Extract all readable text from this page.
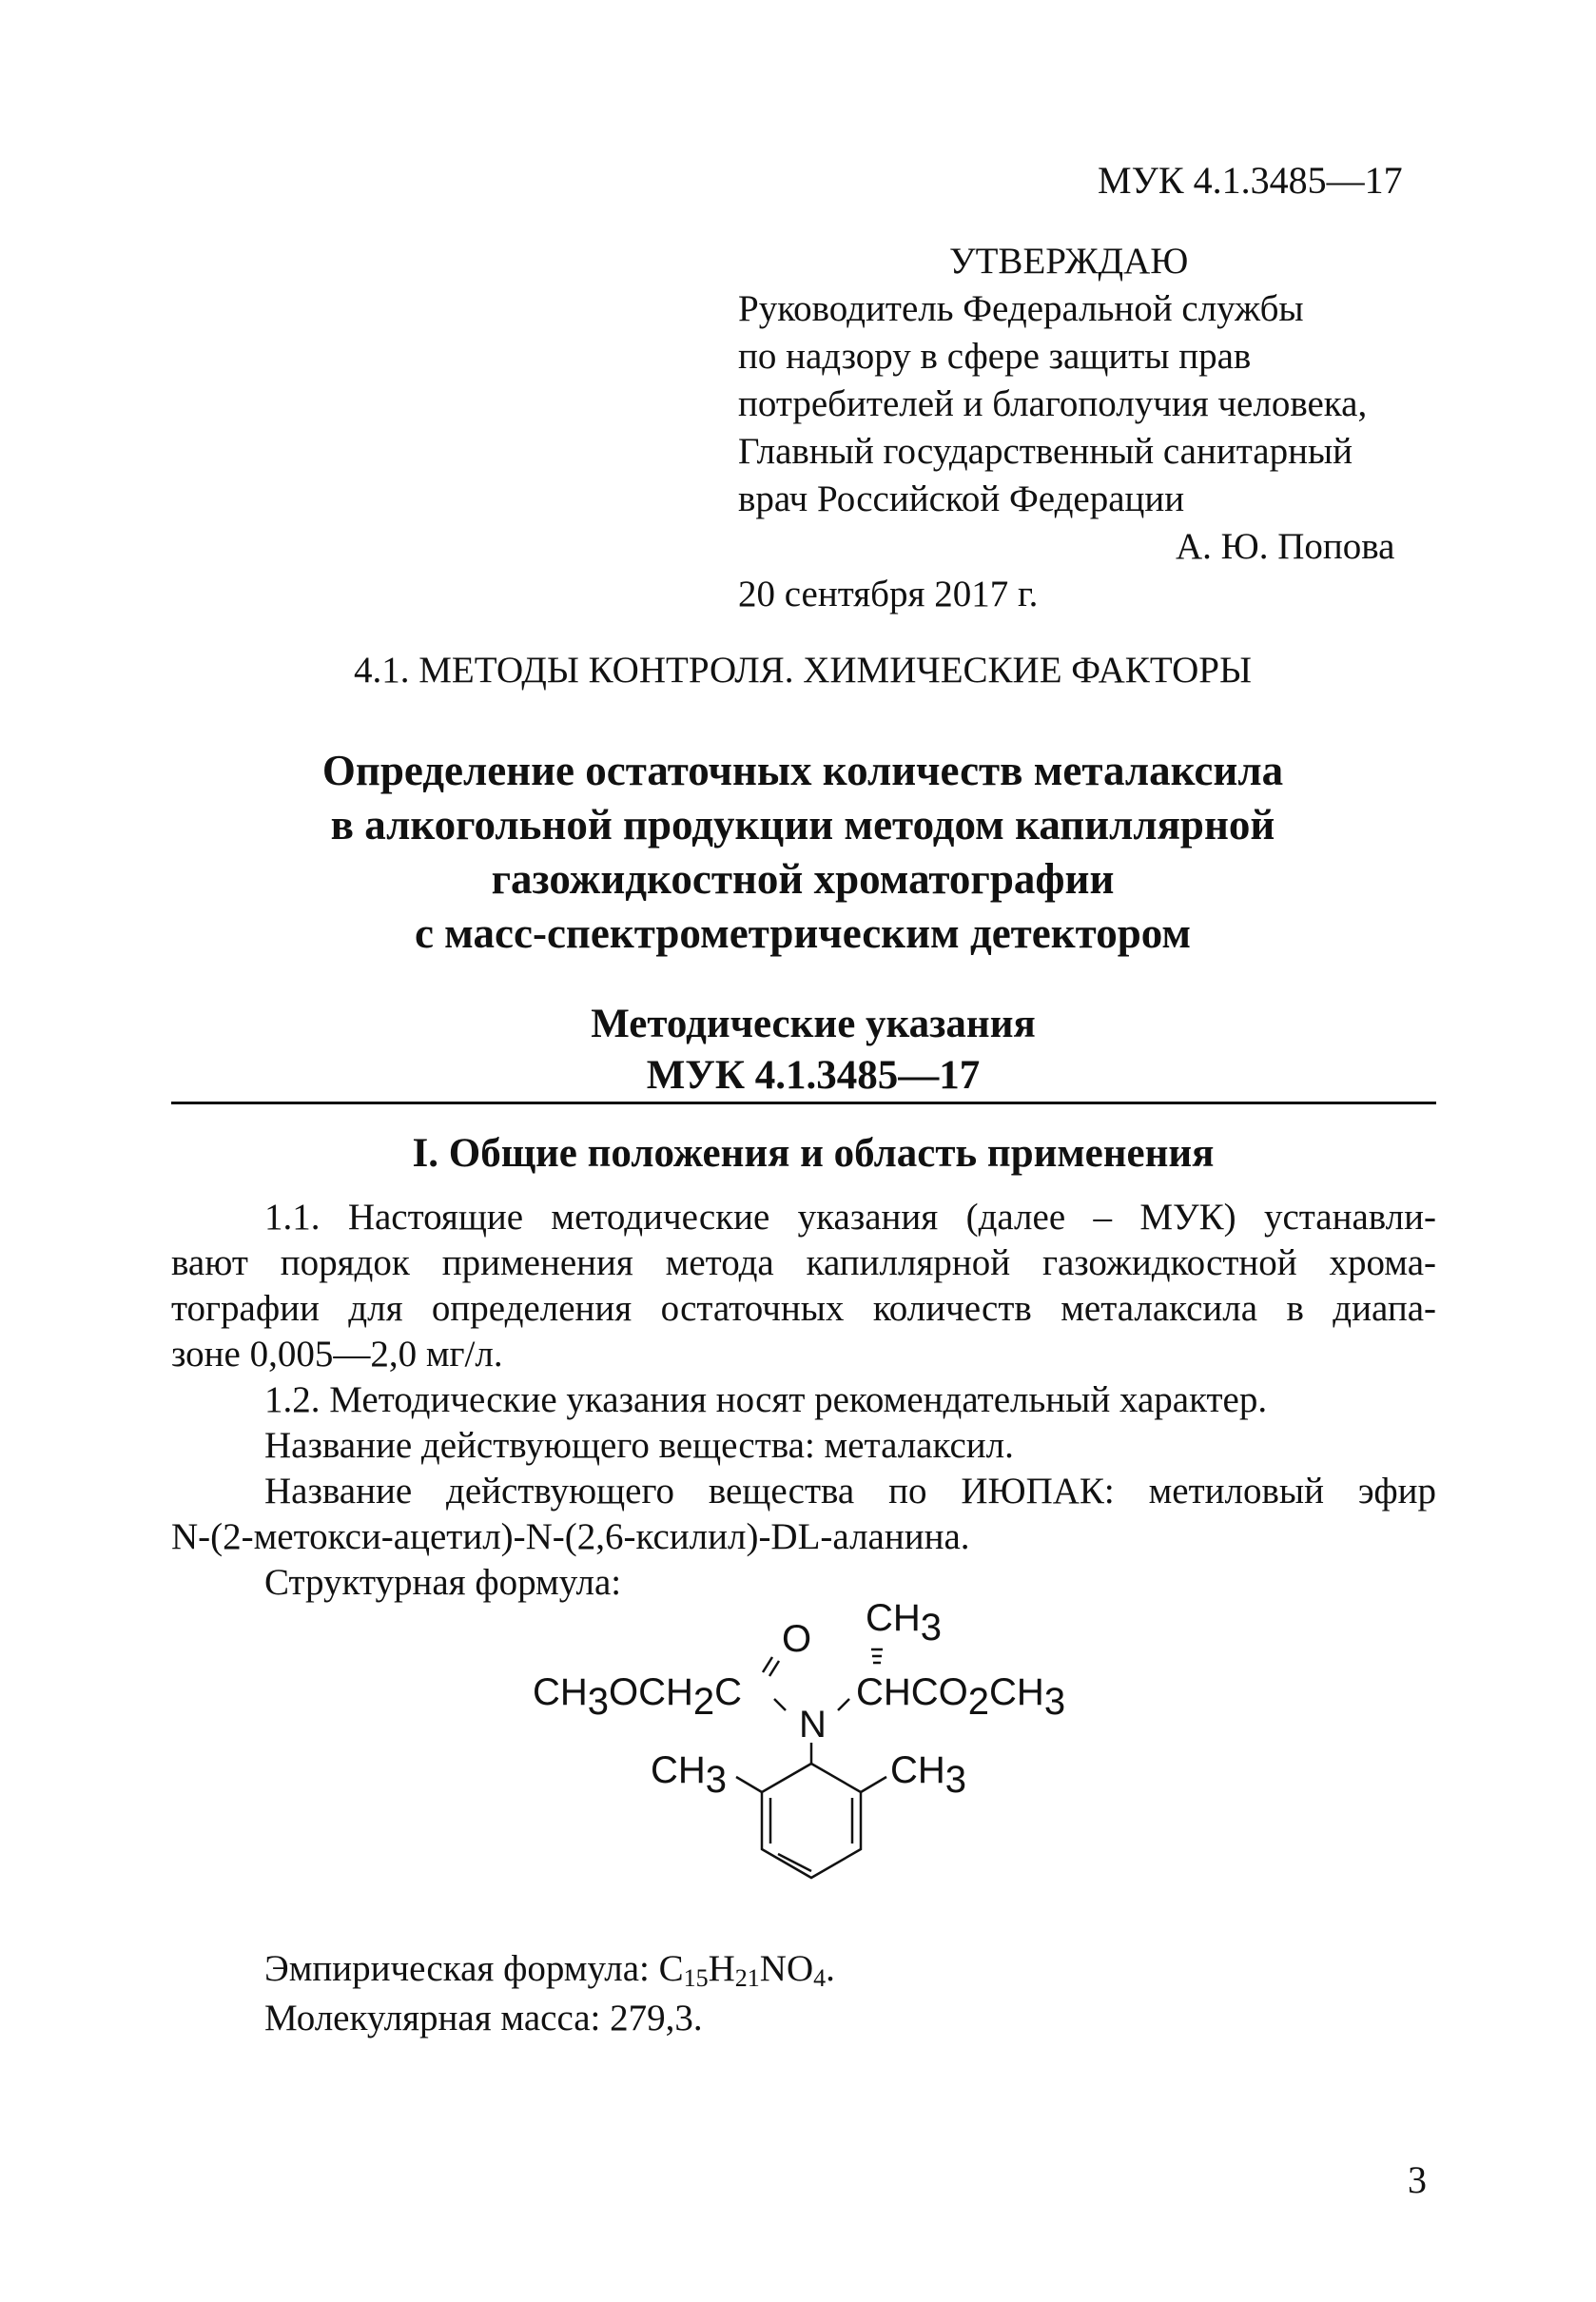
МУК 4.1.3485—17
УТВЕРЖДАЮ
Руководитель Федеральной службы
по надзору в сфере защиты прав
потребителей и благополучия человека,
Главный государственный санитарный
врач Российской Федерации
А. Ю. Попова
20 сентября 2017 г.
4.1. МЕТОДЫ КОНТРОЛЯ. ХИМИЧЕСКИЕ ФАКТОРЫ
Определение остаточных количеств металаксила
в алкогольной продукции методом капиллярной
газожидкостной хроматографии
с масс-спектрометрическим детектором
Методические указания
МУК 4.1.3485—17
I. Общие положения и область применения

1.1. Настоящие методические указания (далее – МУК) устанавли-

вают порядок применения метода капиллярной газожидкостной хрома-

тографии для определения остаточных количеств металаксила в диапа-

зоне 0,005—2,0 мг/л.

1.2. Методические указания носят рекомендательный характер.

Название действующего вещества: металаксил.

Название действующего вещества по ИЮПАК: метиловый эфир

N-(2-метокси-ацетил)-N-(2,6-ксилил)-DL-аланина.

Структурная формула:

O CH3
CH3OCH2C	CHCO2CH3
N
CH3	CH3
Эмпирическая формула: $C_{15}H_{21}NO_4$.
Молекулярная масса: 279,3.
3
